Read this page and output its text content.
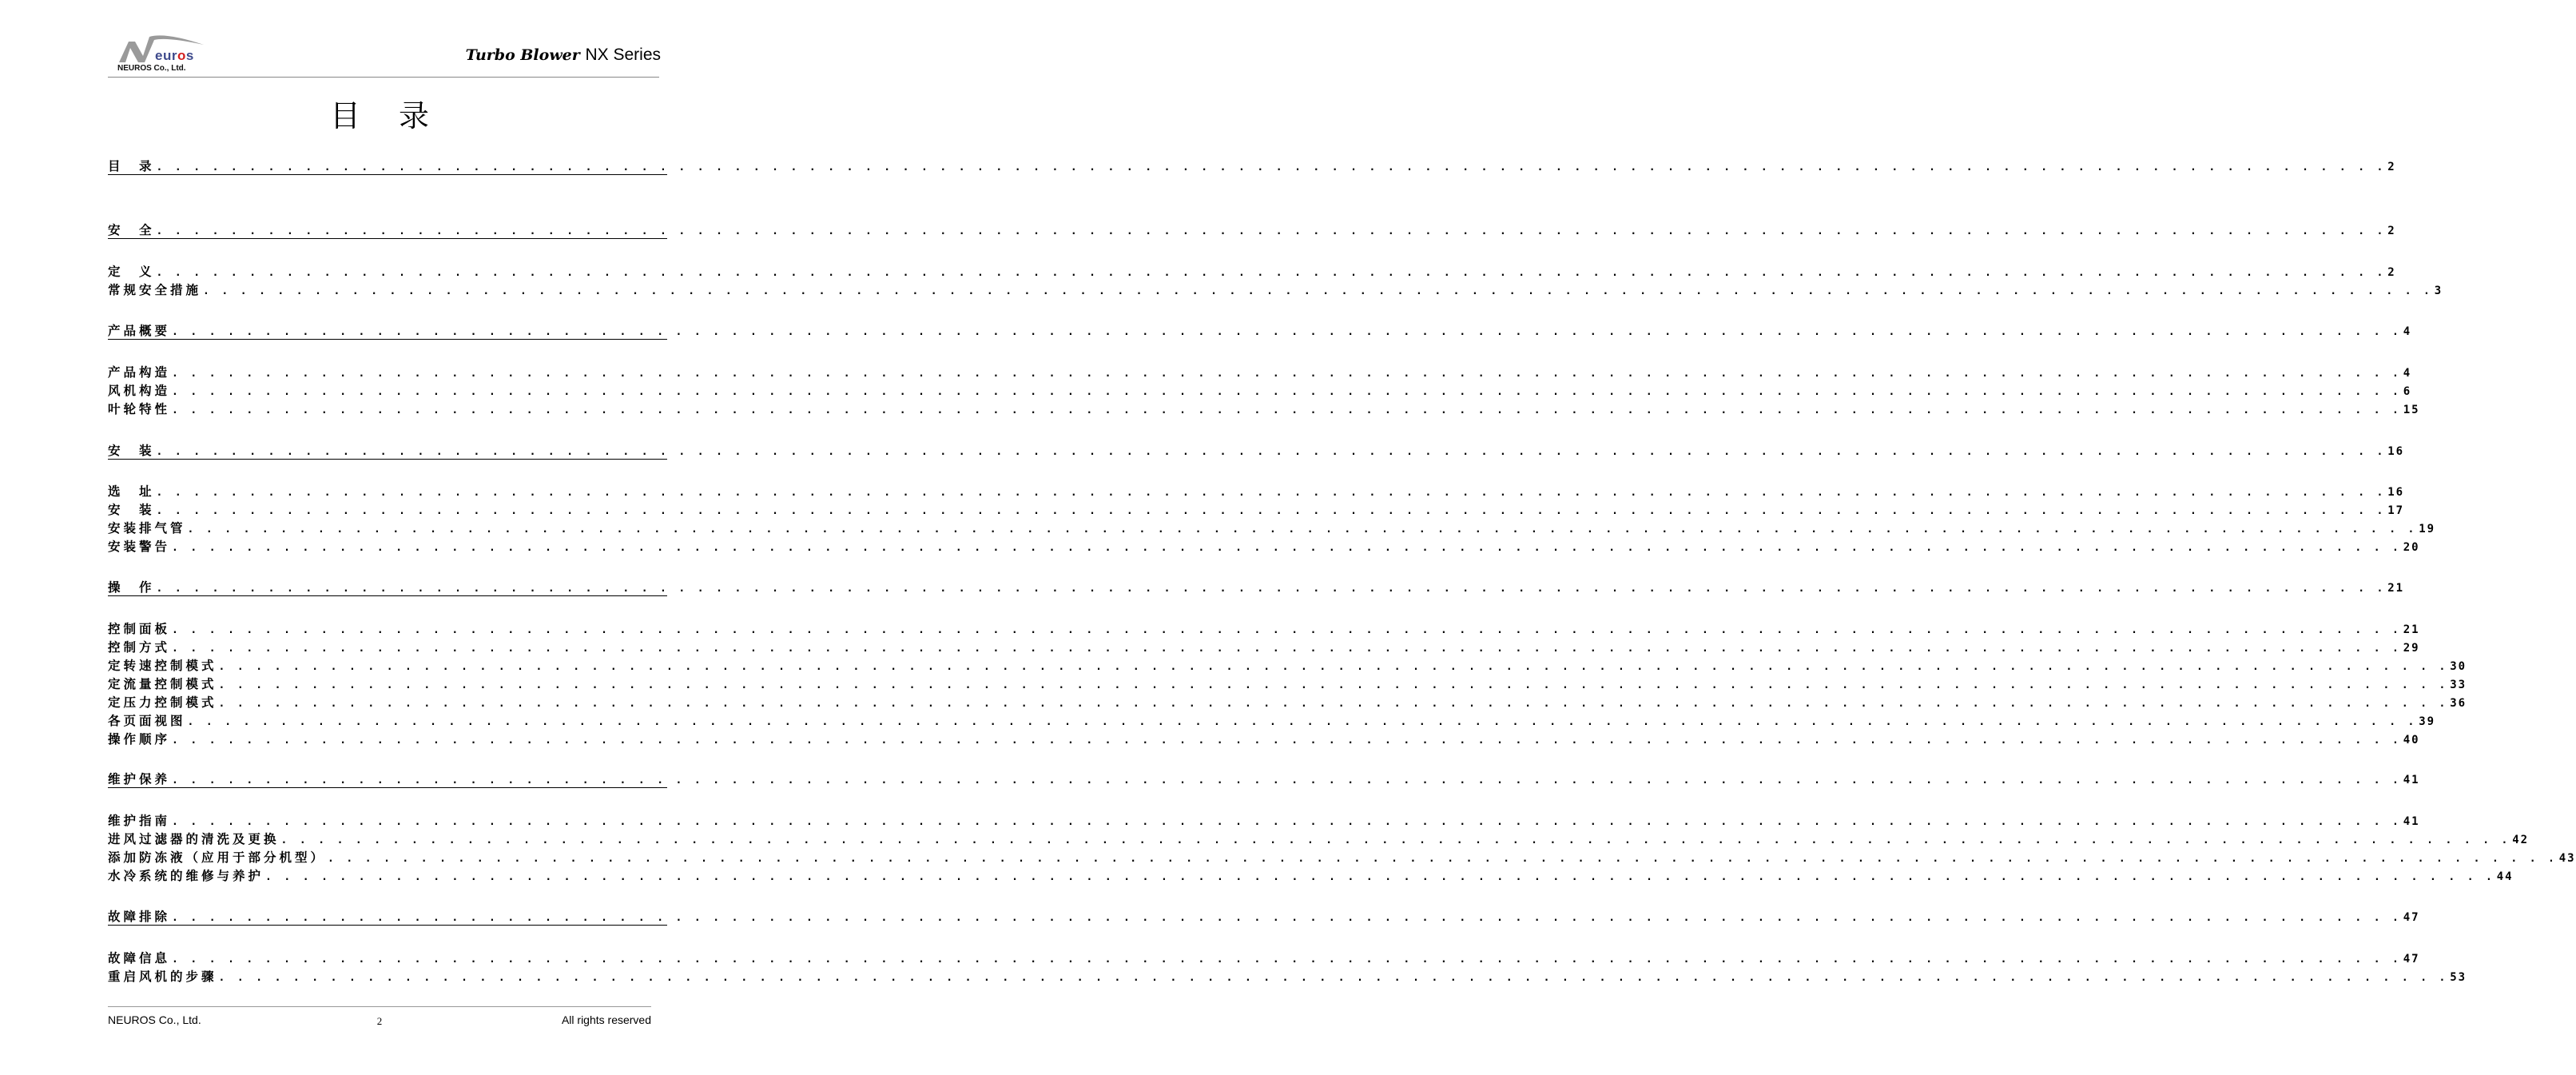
euros
NEUROS Co., Ltd.
Turbo Blower NX Series
目 录
目　录 . . . . . . . . . . . . . . . . . . . . . . . . . . . . . . . . . . . . . . . . . . . . . . . . . . . . . . . . . . . . . . . . . . . . . . . . . . . . . . . . . . . . . . . . . . . . . . . . . . . . . . . . . . . . . . . . . . . . . . . . 2
安　全 . . . . . . . . . . . . . . . . . . . . . . . . . . . . . . . . . . . . . . . . . . . . . . . . . . . . . . . . . . . . . . . . . . . . . . . . . . . . . . . . . . . . . . . . . . . . . . . . . . . . . . . . . . . . . . . . . . . . . . . . 2
定　义 . . . . . . . . . . . . . . . . . . . . . . . . . . . . . . . . . . . . . . . . . . . . . . . . . . . . . . . . . . . . . . . . . . . . . . . . . . . . . . . . . . . . . . . . . . . . . . . . . . . . . . . . . . . . . . . . . . . . . . . . 2
常规安全措施 . . . . . . . . . . . . . . . . . . . . . . . . . . . . . . . . . . . . . . . . . . . . . . . . . . . . . . . . . . . . . . . . . . . . . . . . . . . . . . . . . . . . . . . . . . . . . . . . . . . . . . . . . . . . . . . . . . . . . . . . 3
产品概要 . . . . . . . . . . . . . . . . . . . . . . . . . . . . . . . . . . . . . . . . . . . . . . . . . . . . . . . . . . . . . . . . . . . . . . . . . . . . . . . . . . . . . . . . . . . . . . . . . . . . . . . . . . . . . . . . . . . . . . . . 4
产品构造 . . . . . . . . . . . . . . . . . . . . . . . . . . . . . . . . . . . . . . . . . . . . . . . . . . . . . . . . . . . . . . . . . . . . . . . . . . . . . . . . . . . . . . . . . . . . . . . . . . . . . . . . . . . . . . . . . . . . . . . . 4
风机构造 . . . . . . . . . . . . . . . . . . . . . . . . . . . . . . . . . . . . . . . . . . . . . . . . . . . . . . . . . . . . . . . . . . . . . . . . . . . . . . . . . . . . . . . . . . . . . . . . . . . . . . . . . . . . . . . . . . . . . . . . 6
叶轮特性 . . . . . . . . . . . . . . . . . . . . . . . . . . . . . . . . . . . . . . . . . . . . . . . . . . . . . . . . . . . . . . . . . . . . . . . . . . . . . . . . . . . . . . . . . . . . . . . . . . . . . . . . . . . . . . . . . . . . . . . . 15
安　装 . . . . . . . . . . . . . . . . . . . . . . . . . . . . . . . . . . . . . . . . . . . . . . . . . . . . . . . . . . . . . . . . . . . . . . . . . . . . . . . . . . . . . . . . . . . . . . . . . . . . . . . . . . . . . . . . . . . . . . . . 16
选　址 . . . . . . . . . . . . . . . . . . . . . . . . . . . . . . . . . . . . . . . . . . . . . . . . . . . . . . . . . . . . . . . . . . . . . . . . . . . . . . . . . . . . . . . . . . . . . . . . . . . . . . . . . . . . . . . . . . . . . . . . 16
安　装 . . . . . . . . . . . . . . . . . . . . . . . . . . . . . . . . . . . . . . . . . . . . . . . . . . . . . . . . . . . . . . . . . . . . . . . . . . . . . . . . . . . . . . . . . . . . . . . . . . . . . . . . . . . . . . . . . . . . . . . . 17
安装排气管 . . . . . . . . . . . . . . . . . . . . . . . . . . . . . . . . . . . . . . . . . . . . . . . . . . . . . . . . . . . . . . . . . . . . . . . . . . . . . . . . . . . . . . . . . . . . . . . . . . . . . . . . . . . . . . . . . . . . . . . . 19
安装警告 . . . . . . . . . . . . . . . . . . . . . . . . . . . . . . . . . . . . . . . . . . . . . . . . . . . . . . . . . . . . . . . . . . . . . . . . . . . . . . . . . . . . . . . . . . . . . . . . . . . . . . . . . . . . . . . . . . . . . . . . 20
操　作 . . . . . . . . . . . . . . . . . . . . . . . . . . . . . . . . . . . . . . . . . . . . . . . . . . . . . . . . . . . . . . . . . . . . . . . . . . . . . . . . . . . . . . . . . . . . . . . . . . . . . . . . . . . . . . . . . . . . . . . . 21
控制面板 . . . . . . . . . . . . . . . . . . . . . . . . . . . . . . . . . . . . . . . . . . . . . . . . . . . . . . . . . . . . . . . . . . . . . . . . . . . . . . . . . . . . . . . . . . . . . . . . . . . . . . . . . . . . . . . . . . . . . . . . 21
控制方式 . . . . . . . . . . . . . . . . . . . . . . . . . . . . . . . . . . . . . . . . . . . . . . . . . . . . . . . . . . . . . . . . . . . . . . . . . . . . . . . . . . . . . . . . . . . . . . . . . . . . . . . . . . . . . . . . . . . . . . . . 29
定转速控制模式 . . . . . . . . . . . . . . . . . . . . . . . . . . . . . . . . . . . . . . . . . . . . . . . . . . . . . . . . . . . . . . . . . . . . . . . . . . . . . . . . . . . . . . . . . . . . . . . . . . . . . . . . . . . . . . . . . . . . . . . . 30
定流量控制模式 . . . . . . . . . . . . . . . . . . . . . . . . . . . . . . . . . . . . . . . . . . . . . . . . . . . . . . . . . . . . . . . . . . . . . . . . . . . . . . . . . . . . . . . . . . . . . . . . . . . . . . . . . . . . . . . . . . . . . . . . 33
定压力控制模式 . . . . . . . . . . . . . . . . . . . . . . . . . . . . . . . . . . . . . . . . . . . . . . . . . . . . . . . . . . . . . . . . . . . . . . . . . . . . . . . . . . . . . . . . . . . . . . . . . . . . . . . . . . . . . . . . . . . . . . . . 36
各页面视图 . . . . . . . . . . . . . . . . . . . . . . . . . . . . . . . . . . . . . . . . . . . . . . . . . . . . . . . . . . . . . . . . . . . . . . . . . . . . . . . . . . . . . . . . . . . . . . . . . . . . . . . . . . . . . . . . . . . . . . . . 39
操作顺序 . . . . . . . . . . . . . . . . . . . . . . . . . . . . . . . . . . . . . . . . . . . . . . . . . . . . . . . . . . . . . . . . . . . . . . . . . . . . . . . . . . . . . . . . . . . . . . . . . . . . . . . . . . . . . . . . . . . . . . . . 40
维护保养 . . . . . . . . . . . . . . . . . . . . . . . . . . . . . . . . . . . . . . . . . . . . . . . . . . . . . . . . . . . . . . . . . . . . . . . . . . . . . . . . . . . . . . . . . . . . . . . . . . . . . . . . . . . . . . . . . . . . . . . . 41
维护指南 . . . . . . . . . . . . . . . . . . . . . . . . . . . . . . . . . . . . . . . . . . . . . . . . . . . . . . . . . . . . . . . . . . . . . . . . . . . . . . . . . . . . . . . . . . . . . . . . . . . . . . . . . . . . . . . . . . . . . . . . 41
进风过滤器的清洗及更换 . . . . . . . . . . . . . . . . . . . . . . . . . . . . . . . . . . . . . . . . . . . . . . . . . . . . . . . . . . . . . . . . . . . . . . . . . . . . . . . . . . . . . . . . . . . . . . . . . . . . . . . . . . . . . . . . . . . . . . . . 42
添加防冻液（应用于部分机型） . . . . . . . . . . . . . . . . . . . . . . . . . . . . . . . . . . . . . . . . . . . . . . . . . . . . . . . . . . . . . . . . . . . . . . . . . . . . . . . . . . . . . . . . . . . . . . . . . . . . . . . . . . . . . . . . . . . . . . . . 43
水冷系统的维修与养护 . . . . . . . . . . . . . . . . . . . . . . . . . . . . . . . . . . . . . . . . . . . . . . . . . . . . . . . . . . . . . . . . . . . . . . . . . . . . . . . . . . . . . . . . . . . . . . . . . . . . . . . . . . . . . . . . . . . . . . . . 44
故障排除 . . . . . . . . . . . . . . . . . . . . . . . . . . . . . . . . . . . . . . . . . . . . . . . . . . . . . . . . . . . . . . . . . . . . . . . . . . . . . . . . . . . . . . . . . . . . . . . . . . . . . . . . . . . . . . . . . . . . . . . . 47
故障信息 . . . . . . . . . . . . . . . . . . . . . . . . . . . . . . . . . . . . . . . . . . . . . . . . . . . . . . . . . . . . . . . . . . . . . . . . . . . . . . . . . . . . . . . . . . . . . . . . . . . . . . . . . . . . . . . . . . . . . . . . 47
重启风机的步骤 . . . . . . . . . . . . . . . . . . . . . . . . . . . . . . . . . . . . . . . . . . . . . . . . . . . . . . . . . . . . . . . . . . . . . . . . . . . . . . . . . . . . . . . . . . . . . . . . . . . . . . . . . . . . . . . . . . . . . . . . 53
NEUROS Co., Ltd.	2	All rights reserved
